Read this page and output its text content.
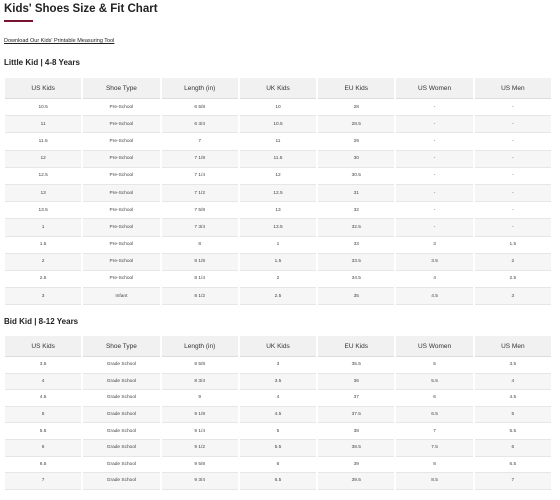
Kids' Shoes Size & Fit Chart
Download Our Kids' Printable Measuring Tool
Little Kid | 4-8 Years
US Kids	Shoe Type	Length (in)	UK Kids	EU Kids	US Women	US Men
10.5	Pre-School	6 5/8	10	28	-	-
11	Pre-School	6 3/4	10.5	28.5	-	-
11.5	Pre-School	7	11	29	-	-
12	Pre-School	7 1/8	11.5	30	-	-
12.5	Pre-School	7 1/4	12	30.5	-	-
13	Pre-School	7 1/2	12.5	31	-	-
13.5	Pre-School	7 5/8	13	32	-	-
1	Pre-School	7 3/4	13.5	32.5	-	-
1.5	Pre-School	8	1	33	3	1.5
2	Pre-School	8 1/8	1.5	33.5	3.5	2
2.5	Pre-School	8 1/4	2	34.5	4	2.5
3	Infant	8 1/2	2.5	35	4.5	3
Bid Kid | 8-12 Years
US Kids	Shoe Type	Length (in)	UK Kids	EU Kids	US Women	US Men
3.5	Grade School	8 5/8	3	35.5	5	3.5
4	Grade School	8 3/4	3.5	36	5.5	4
4.5	Grade School	9	4	37	6	4.5
5	Grade School	9 1/8	4.5	37.5	6.5	5
5.5	Grade School	9 1/4	5	38	7	5.5
6	Grade School	9 1/2	5.5	38.5	7.5	6
6.5	Grade School	9 5/8	6	39	8	6.5
7	Grade School	9 3/4	6.5	39.5	8.5	7
